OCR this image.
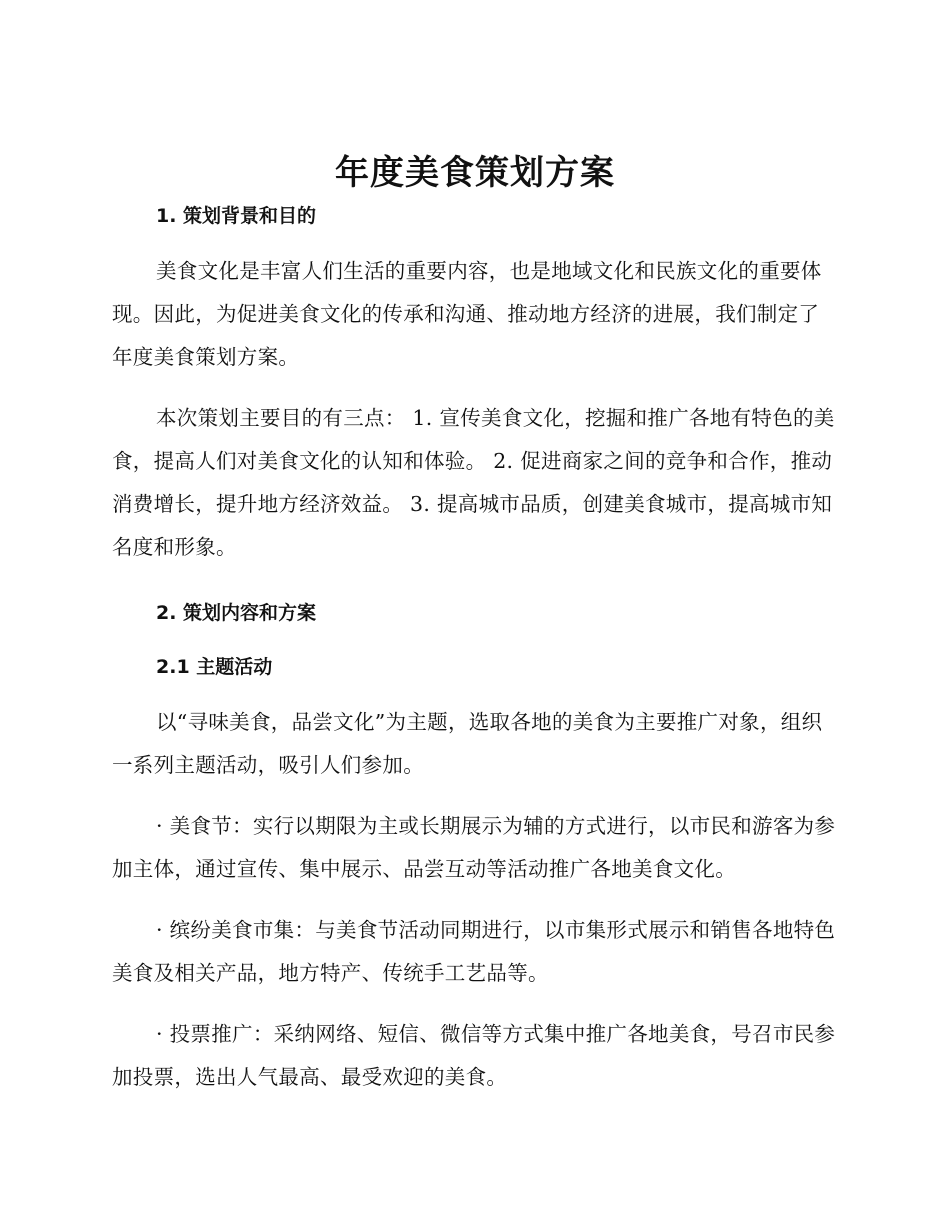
年度美食策划方案
1. 策划背景和目的

美食文化是丰富人们生活的重要内容，也是地域文化和民族文化的重要体现。因此，为促进美食文化的传承和沟通、推动地方经济的进展，我们制定了年度美食策划方案。

本次策划主要目的有三点： 1. 宣传美食文化，挖掘和推广各地有特色的美食，提高人们对美食文化的认知和体验。 2. 促进商家之间的竞争和合作，推动消费增长，提升地方经济效益。 3. 提高城市品质，创建美食城市，提高城市知名度和形象。

2. 策划内容和方案
2.1 主题活动

以“寻味美食，品尝文化”为主题，选取各地的美食为主要推广对象，组织一系列主题活动，吸引人们参加。

· 美食节：实行以期限为主或长期展示为辅的方式进行，以市民和游客为参加主体，通过宣传、集中展示、品尝互动等活动推广各地美食文化。

· 缤纷美食市集：与美食节活动同期进行，以市集形式展示和销售各地特色美食及相关产品，地方特产、传统手工艺品等。

· 投票推广：采纳网络、短信、微信等方式集中推广各地美食，号召市民参加投票，选出人气最高、最受欢迎的美食。
